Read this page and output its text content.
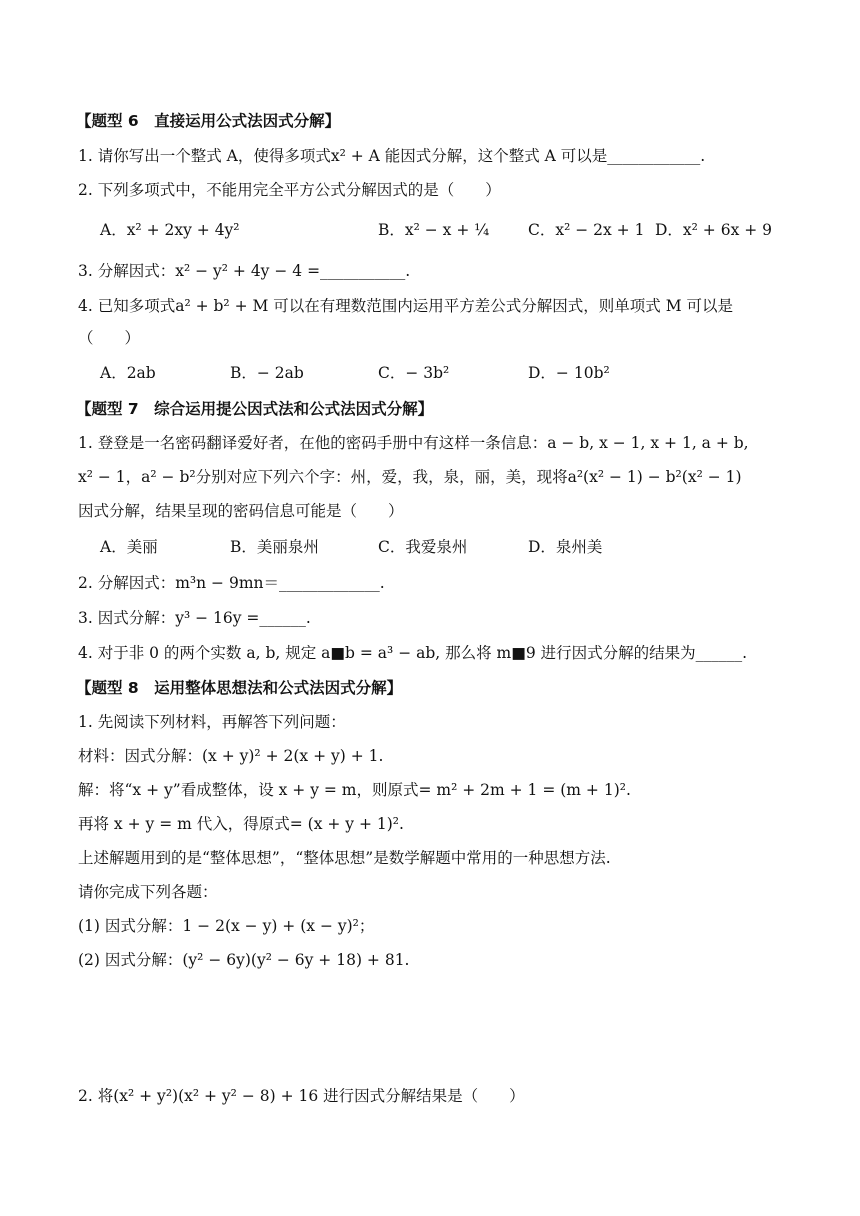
【题型 6　直接运用公式法因式分解】
1. 请你写出一个整式 A，使得多项式x² + A 能因式分解，这个整式 A 可以是____________.
2. 下列多项式中，不能用完全平方公式分解因式的是（　　）
A．x² + 2xy + 4y²	B．x² − x + ¼ C．x² − 2x + 1 D．x² + 6x + 9
3. 分解因式：x² − y² + 4y − 4 =___________.
4. 已知多项式a² + b² + M 可以在有理数范围内运用平方差公式分解因式，则单项式 M 可以是
（　　）
A．2ab	B．− 2ab	C．− 3b²	D．− 10b²
【题型 7　综合运用提公因式法和公式法因式分解】
1. 登登是一名密码翻译爱好者，在他的密码手册中有这样一条信息：a − b, x − 1, x + 1, a + b,
x² − 1，a² − b²分别对应下列六个字：州，爱，我，泉，丽，美，现将a²(x² − 1) − b²(x² − 1)
因式分解，结果呈现的密码信息可能是（　　）
A．美丽	B．美丽泉州	C．我爱泉州	D．泉州美
2. 分解因式：m³n − 9mn＝_____________.
3. 因式分解：y³ − 16y =______.
4. 对于非 0 的两个实数 a, b, 规定 a■b = a³ − ab, 那么将 m■9 进行因式分解的结果为______.
【题型 8　运用整体思想法和公式法因式分解】
1. 先阅读下列材料，再解答下列问题：
材料：因式分解：(x + y)² + 2(x + y) + 1.
解：将“x + y”看成整体，设 x + y = m，则原式= m² + 2m + 1 = (m + 1)².
再将 x + y = m 代入，得原式= (x + y + 1)².
上述解题用到的是“整体思想”，“整体思想”是数学解题中常用的一种思想方法.
请你完成下列各题：
(1) 因式分解：1 − 2(x − y) + (x − y)²；
(2) 因式分解：(y² − 6y)(y² − 6y + 18) + 81.
2. 将(x² + y²)(x² + y² − 8) + 16 进行因式分解结果是（　　）
